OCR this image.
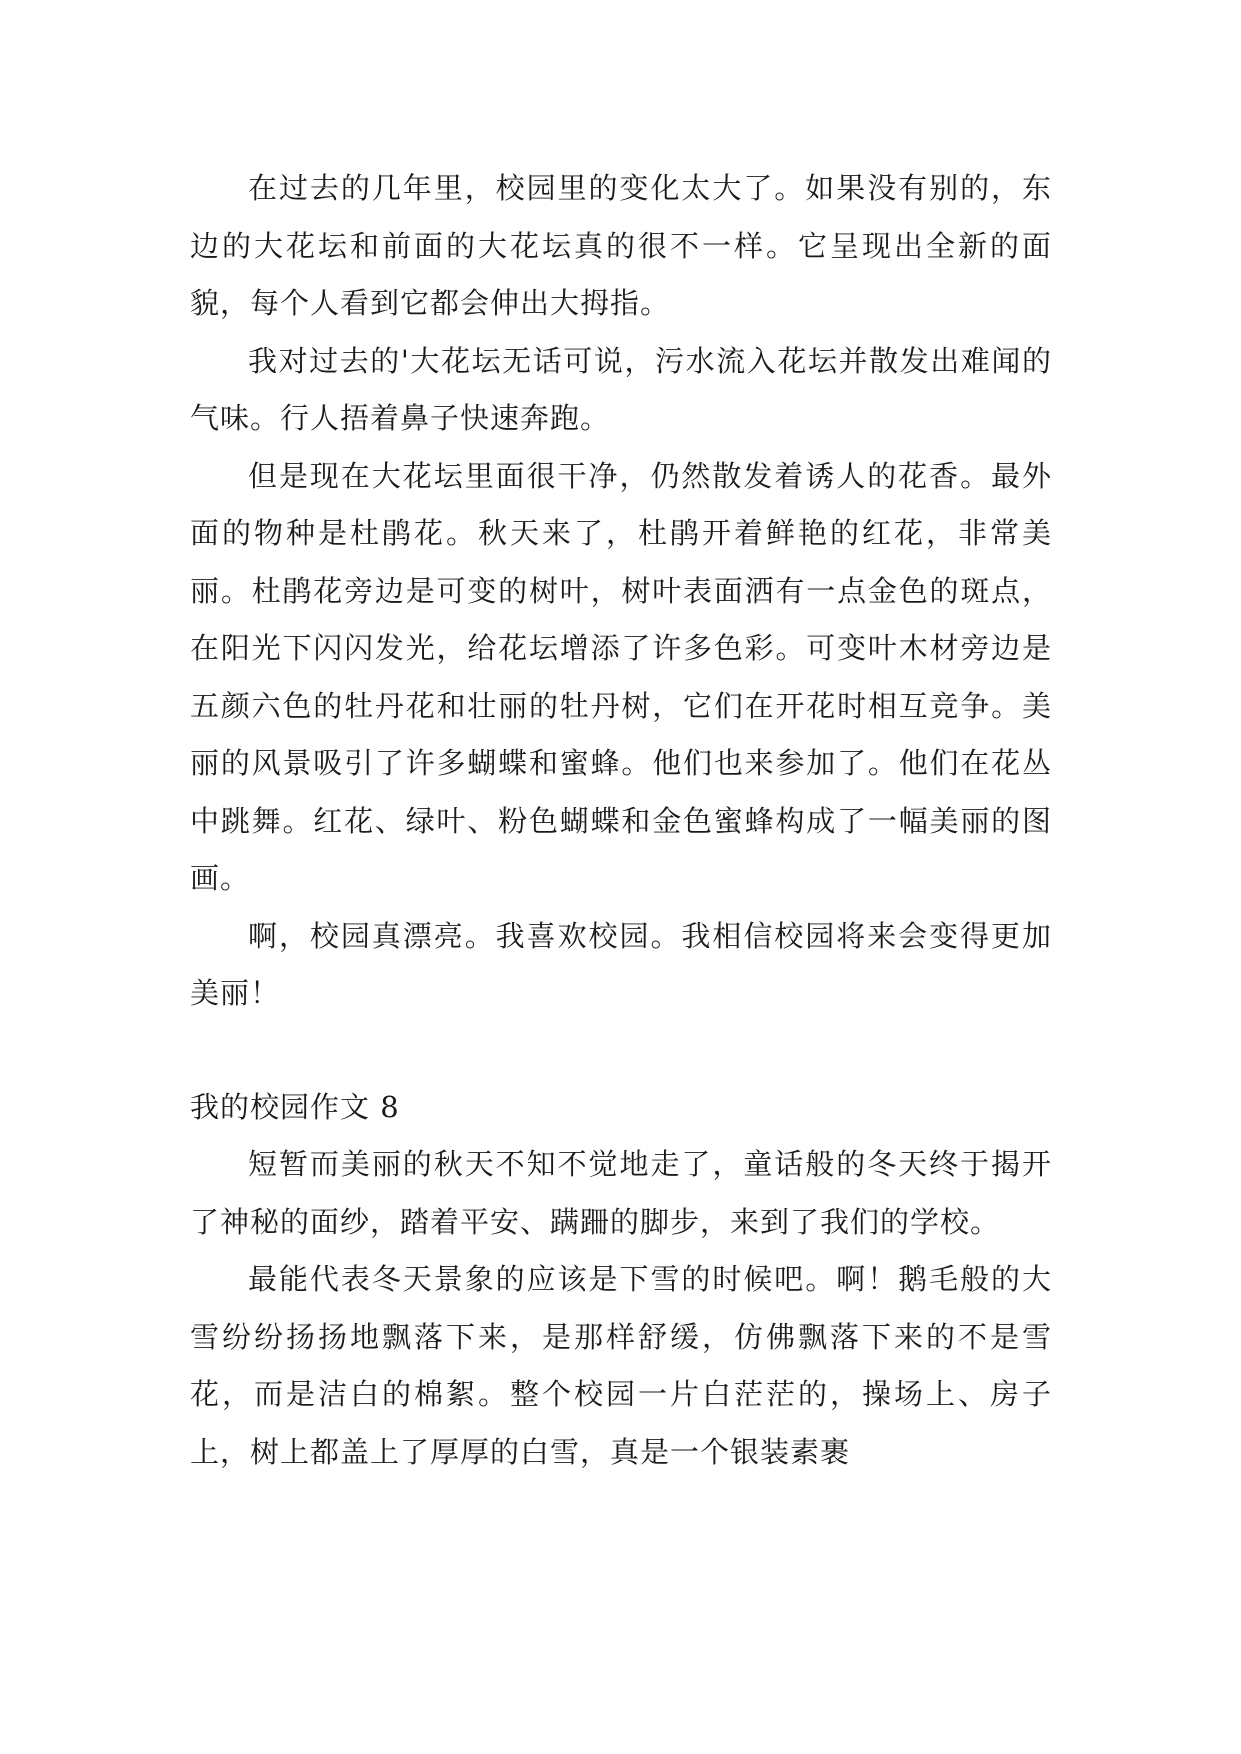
在过去的几年里，校园里的变化太大了。如果没有别的，东边的大花坛和前面的大花坛真的很不一样。它呈现出全新的面貌，每个人看到它都会伸出大拇指。

我对过去的'大花坛无话可说，污水流入花坛并散发出难闻的气味。行人捂着鼻子快速奔跑。

但是现在大花坛里面很干净，仍然散发着诱人的花香。最外面的物种是杜鹃花。秋天来了，杜鹃开着鲜艳的红花，非常美丽。杜鹃花旁边是可变的树叶，树叶表面洒有一点金色的斑点，在阳光下闪闪发光，给花坛增添了许多色彩。可变叶木材旁边是五颜六色的牡丹花和壮丽的牡丹树，它们在开花时相互竞争。美丽的风景吸引了许多蝴蝶和蜜蜂。他们也来参加了。他们在花丛中跳舞。红花、绿叶、粉色蝴蝶和金色蜜蜂构成了一幅美丽的图画。

啊，校园真漂亮。我喜欢校园。我相信校园将来会变得更加美丽！

我的校园作文 8

短暂而美丽的秋天不知不觉地走了，童话般的冬天终于揭开了神秘的面纱，踏着平安、蹒跚的脚步，来到了我们的学校。

最能代表冬天景象的应该是下雪的时候吧。啊！鹅毛般的大雪纷纷扬扬地飘落下来，是那样舒缓，仿佛飘落下来的不是雪花，而是洁白的棉絮。整个校园一片白茫茫的，操场上、房子上，树上都盖上了厚厚的白雪，真是一个银装素裹
